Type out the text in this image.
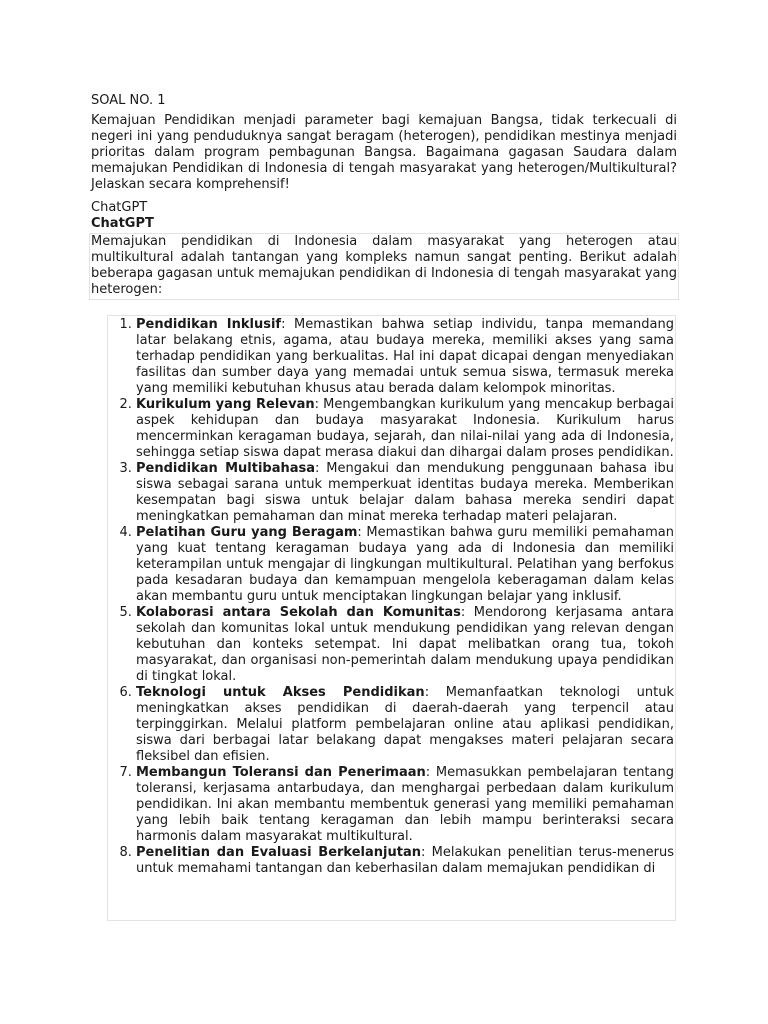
SOAL NO. 1

Kemajuan Pendidikan menjadi parameter bagi kemajuan Bangsa, tidak terkecuali di negeri ini yang penduduknya sangat beragam (heterogen), pendidikan mestinya menjadi prioritas dalam program pembagunan Bangsa. Bagaimana gagasan Saudara dalam memajukan Pendidikan di Indonesia di tengah masyarakat yang heterogen/Multikultural? Jelaskan secara komprehensif!

ChatGPT

ChatGPT

Memajukan pendidikan di Indonesia dalam masyarakat yang heterogen atau multikultural adalah tantangan yang kompleks namun sangat penting. Berikut adalah beberapa gagasan untuk memajukan pendidikan di Indonesia di tengah masyarakat yang heterogen:

1. Pendidikan Inklusif: Memastikan bahwa setiap individu, tanpa memandang latar belakang etnis, agama, atau budaya mereka, memiliki akses yang sama terhadap pendidikan yang berkualitas. Hal ini dapat dicapai dengan menyediakan fasilitas dan sumber daya yang memadai untuk semua siswa, termasuk mereka yang memiliki kebutuhan khusus atau berada dalam kelompok minoritas.
2. Kurikulum yang Relevan: Mengembangkan kurikulum yang mencakup berbagai aspek kehidupan dan budaya masyarakat Indonesia. Kurikulum harus mencerminkan keragaman budaya, sejarah, dan nilai-nilai yang ada di Indonesia, sehingga setiap siswa dapat merasa diakui dan dihargai dalam proses pendidikan.
3. Pendidikan Multibahasa: Mengakui dan mendukung penggunaan bahasa ibu siswa sebagai sarana untuk memperkuat identitas budaya mereka. Memberikan kesempatan bagi siswa untuk belajar dalam bahasa mereka sendiri dapat meningkatkan pemahaman dan minat mereka terhadap materi pelajaran.
4. Pelatihan Guru yang Beragam: Memastikan bahwa guru memiliki pemahaman yang kuat tentang keragaman budaya yang ada di Indonesia dan memiliki keterampilan untuk mengajar di lingkungan multikultural. Pelatihan yang berfokus pada kesadaran budaya dan kemampuan mengelola keberagaman dalam kelas akan membantu guru untuk menciptakan lingkungan belajar yang inklusif.
5. Kolaborasi antara Sekolah dan Komunitas: Mendorong kerjasama antara sekolah dan komunitas lokal untuk mendukung pendidikan yang relevan dengan kebutuhan dan konteks setempat. Ini dapat melibatkan orang tua, tokoh masyarakat, dan organisasi non-pemerintah dalam mendukung upaya pendidikan di tingkat lokal.
6. Teknologi untuk Akses Pendidikan: Memanfaatkan teknologi untuk meningkatkan akses pendidikan di daerah-daerah yang terpencil atau terpinggirkan. Melalui platform pembelajaran online atau aplikasi pendidikan, siswa dari berbagai latar belakang dapat mengakses materi pelajaran secara fleksibel dan efisien.
7. Membangun Toleransi dan Penerimaan: Memasukkan pembelajaran tentang toleransi, kerjasama antarbudaya, dan menghargai perbedaan dalam kurikulum pendidikan. Ini akan membantu membentuk generasi yang memiliki pemahaman yang lebih baik tentang keragaman dan lebih mampu berinteraksi secara harmonis dalam masyarakat multikultural.
8. Penelitian dan Evaluasi Berkelanjutan: Melakukan penelitian terus-menerus untuk memahami tantangan dan keberhasilan dalam memajukan pendidikan di
